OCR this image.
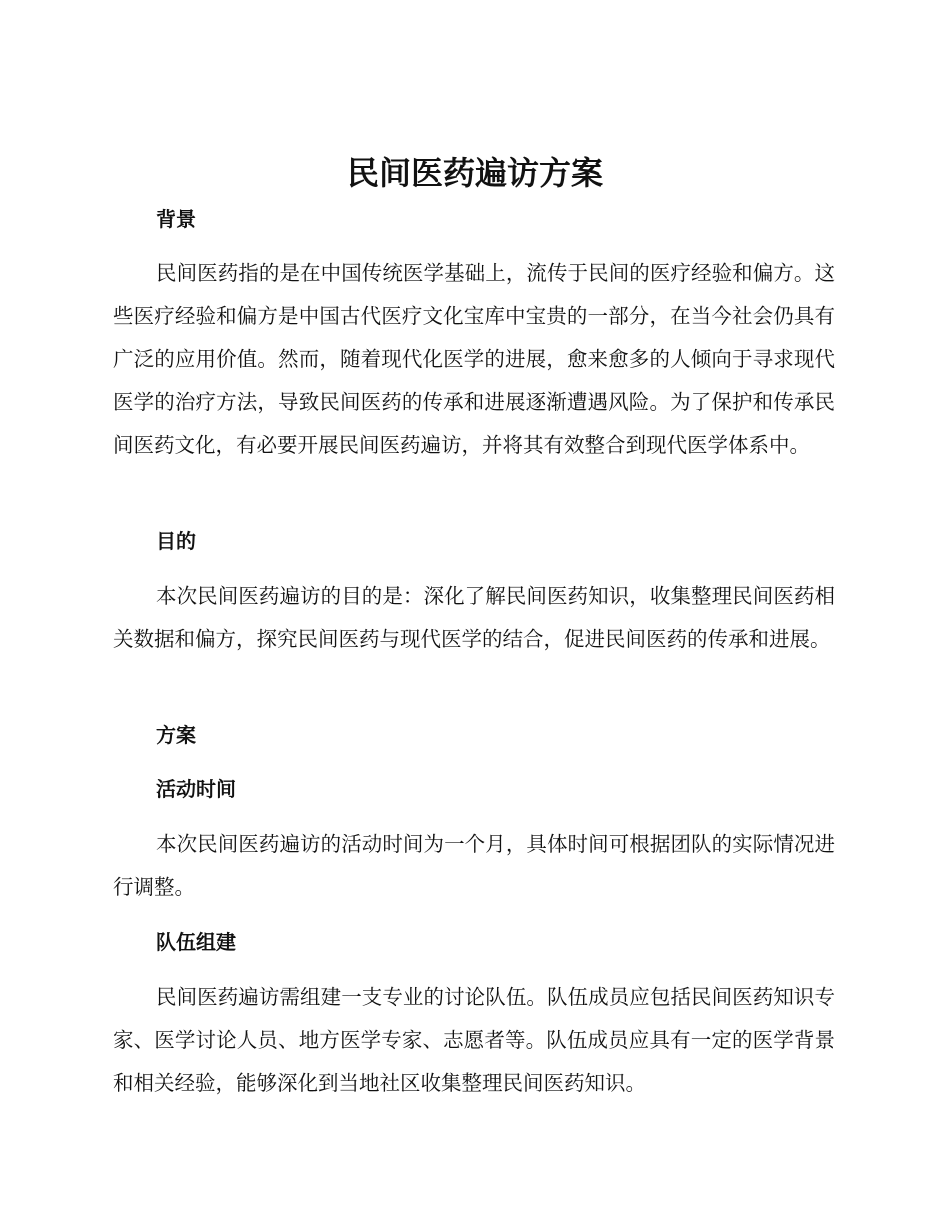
民间医药遍访方案
背景

民间医药指的是在中国传统医学基础上，流传于民间的医疗经验和偏方。这些医疗经验和偏方是中国古代医疗文化宝库中宝贵的一部分，在当今社会仍具有广泛的应用价值。然而，随着现代化医学的进展，愈来愈多的人倾向于寻求现代医学的治疗方法，导致民间医药的传承和进展逐渐遭遇风险。为了保护和传承民间医药文化，有必要开展民间医药遍访，并将其有效整合到现代医学体系中。

目的

本次民间医药遍访的目的是：深化了解民间医药知识，收集整理民间医药相关数据和偏方，探究民间医药与现代医学的结合，促进民间医药的传承和进展。

方案
活动时间

本次民间医药遍访的活动时间为一个月，具体时间可根据团队的实际情况进行调整。

队伍组建

民间医药遍访需组建一支专业的讨论队伍。队伍成员应包括民间医药知识专家、医学讨论人员、地方医学专家、志愿者等。队伍成员应具有一定的医学背景和相关经验，能够深化到当地社区收集整理民间医药知识。
